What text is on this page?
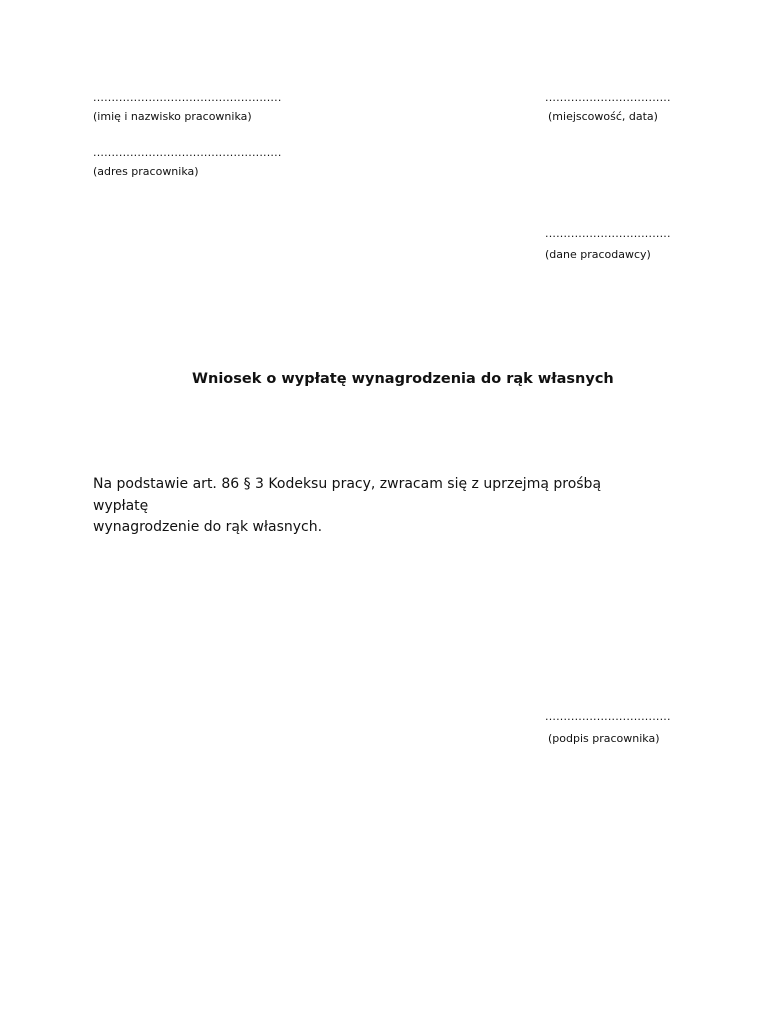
...................................................
(imię i nazwisko pracownika)
..................................
(miejscowość, data)
...................................................
(adres pracownika)
..................................
(dane pracodawcy)
Wniosek o wypłatę wynagrodzenia do rąk własnych
Na podstawie art. 86 § 3 Kodeksu pracy, zwracam się z uprzejmą prośbą wypłatę
wynagrodzenie do rąk własnych.
..................................
(podpis pracownika)
